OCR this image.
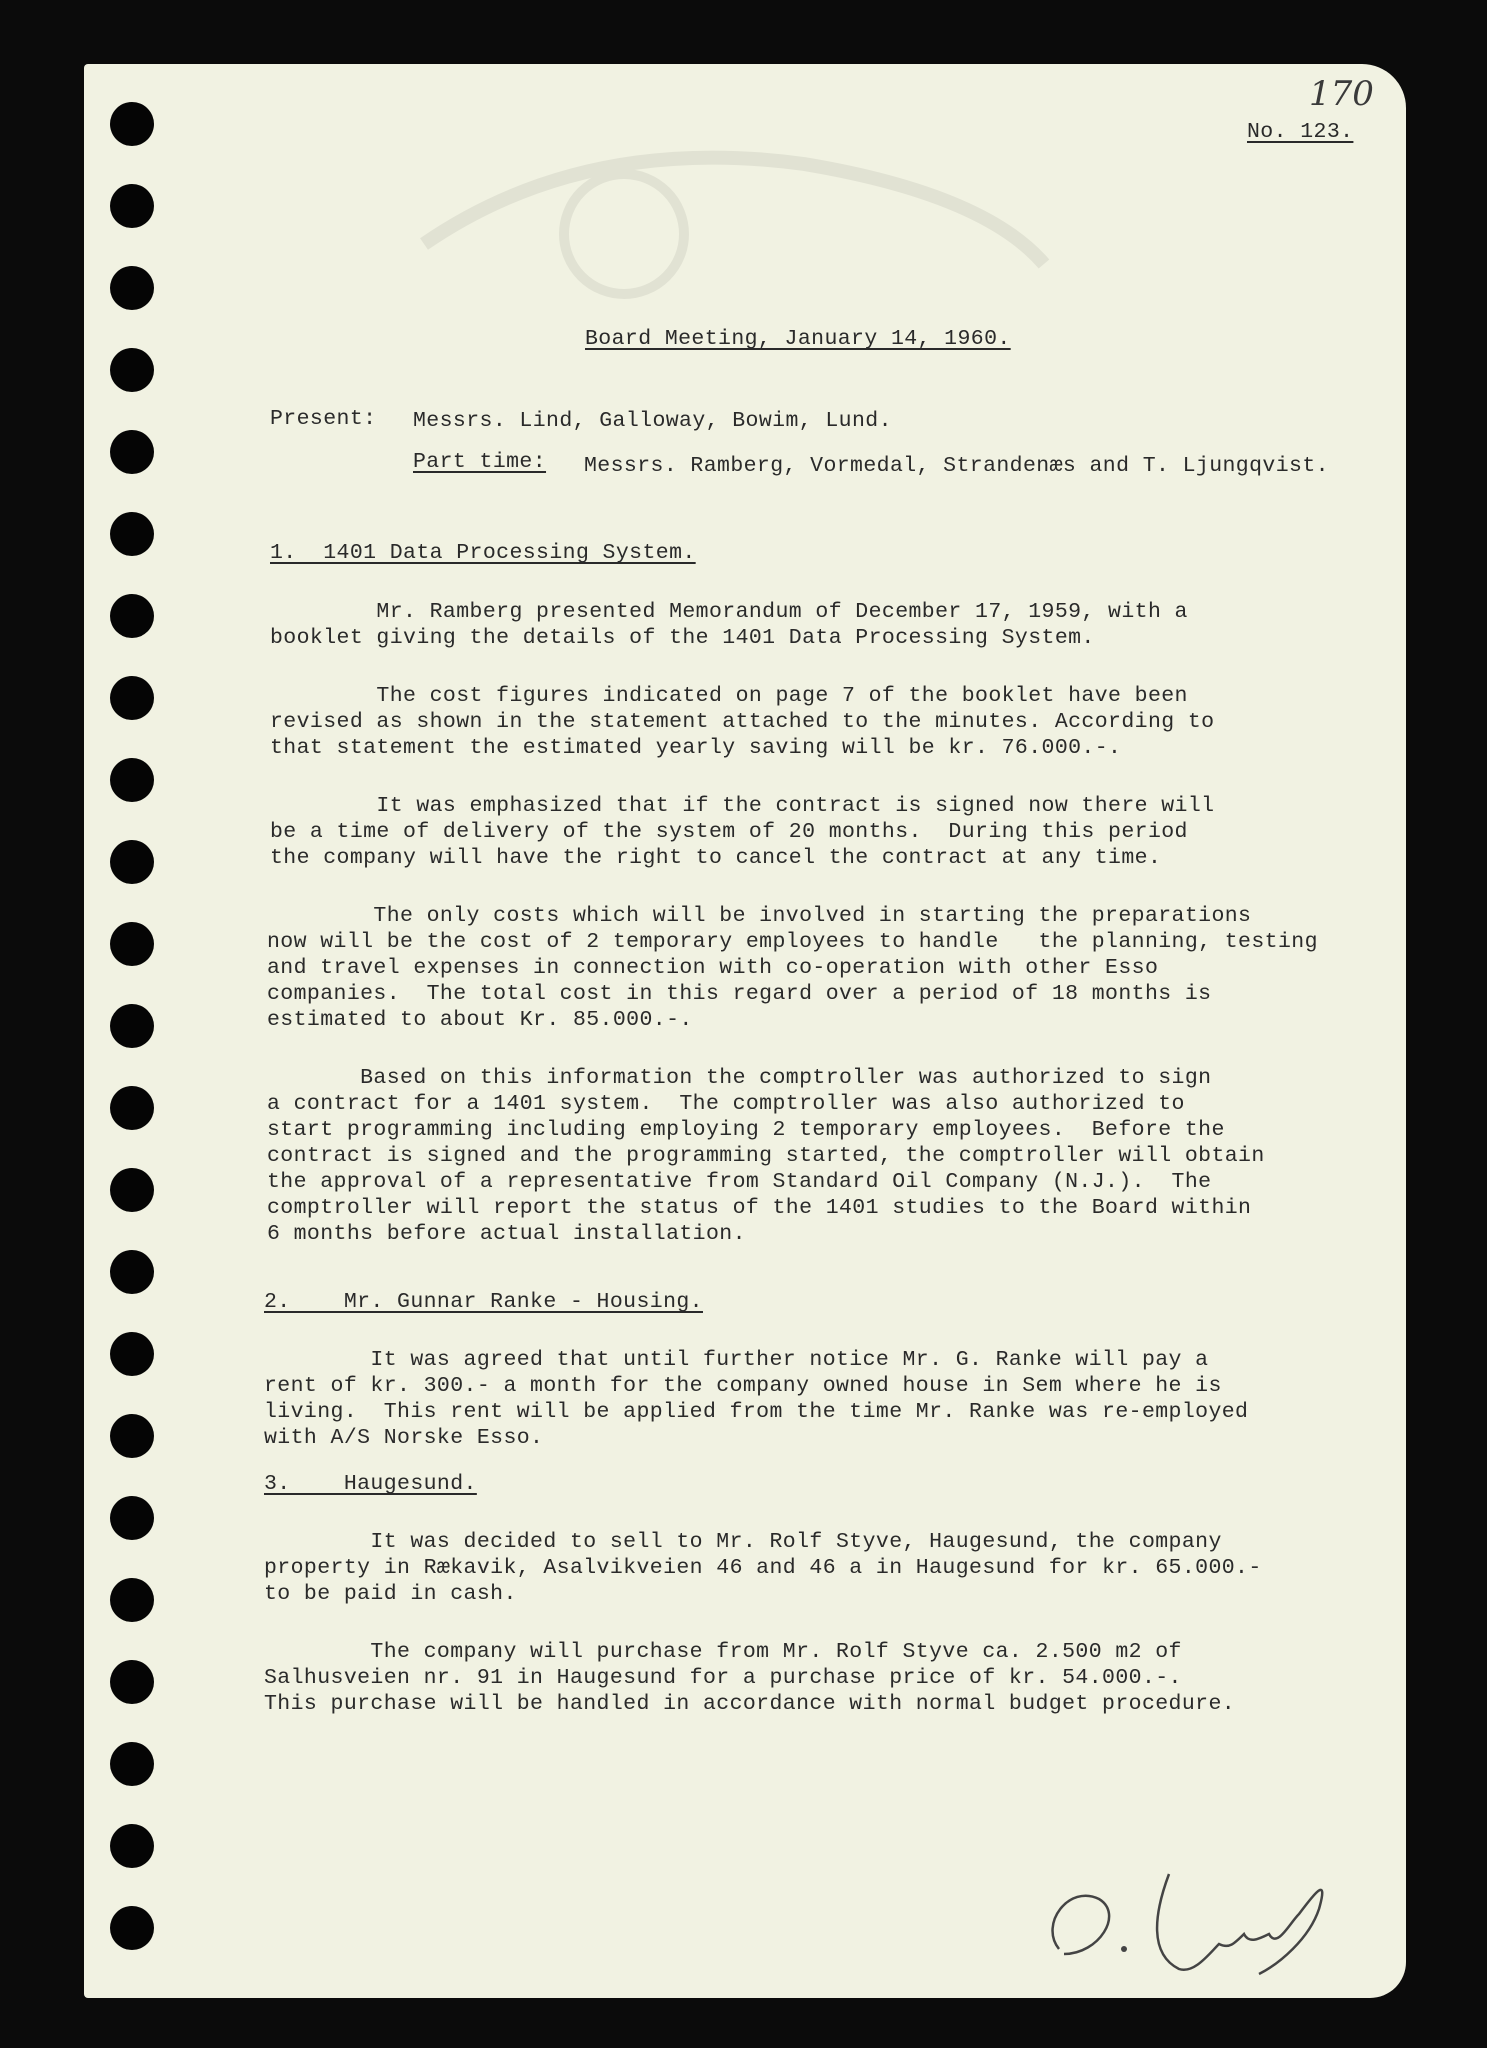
170
No. 123.
Board Meeting, January 14, 1960.
Present: Messrs. Lind, Galloway, Bowim, Lund.
Part time: Messrs. Ramberg, Vormedal, Strandenæs and T. Ljungqvist.
1.  1401 Data Processing System.
Mr. Ramberg presented Memorandum of December 17, 1959, with a
booklet giving the details of the 1401 Data Processing System.
The cost figures indicated on page 7 of the booklet have been
revised as shown in the statement attached to the minutes. According to
that statement the estimated yearly saving will be kr. 76.000.-.
It was emphasized that if the contract is signed now there will
be a time of delivery of the system of 20 months.  During this period
the company will have the right to cancel the contract at any time.
The only costs which will be involved in starting the preparations
now will be the cost of 2 temporary employees to handle   the planning, testing
and travel expenses in connection with co-operation with other Esso
companies.  The total cost in this regard over a period of 18 months is
estimated to about Kr. 85.000.-.
Based on this information the comptroller was authorized to sign
a contract for a 1401 system.  The comptroller was also authorized to
start programming including employing 2 temporary employees.  Before the
contract is signed and the programming started, the comptroller will obtain
the approval of a representative from Standard Oil Company (N.J.).  The
comptroller will report the status of the 1401 studies to the Board within
6 months before actual installation.
2.    Mr. Gunnar Ranke - Housing.
It was agreed that until further notice Mr. G. Ranke will pay a
rent of kr. 300.- a month for the company owned house in Sem where he is
living.  This rent will be applied from the time Mr. Ranke was re-employed
with A/S Norske Esso.
3.    Haugesund.
It was decided to sell to Mr. Rolf Styve, Haugesund, the company
property in Rækavik, Asalvikveien 46 and 46 a in Haugesund for kr. 65.000.-
to be paid in cash.
The company will purchase from Mr. Rolf Styve ca. 2.500 m2 of
Salhusveien nr. 91 in Haugesund for a purchase price of kr. 54.000.-.
This purchase will be handled in accordance with normal budget procedure.
